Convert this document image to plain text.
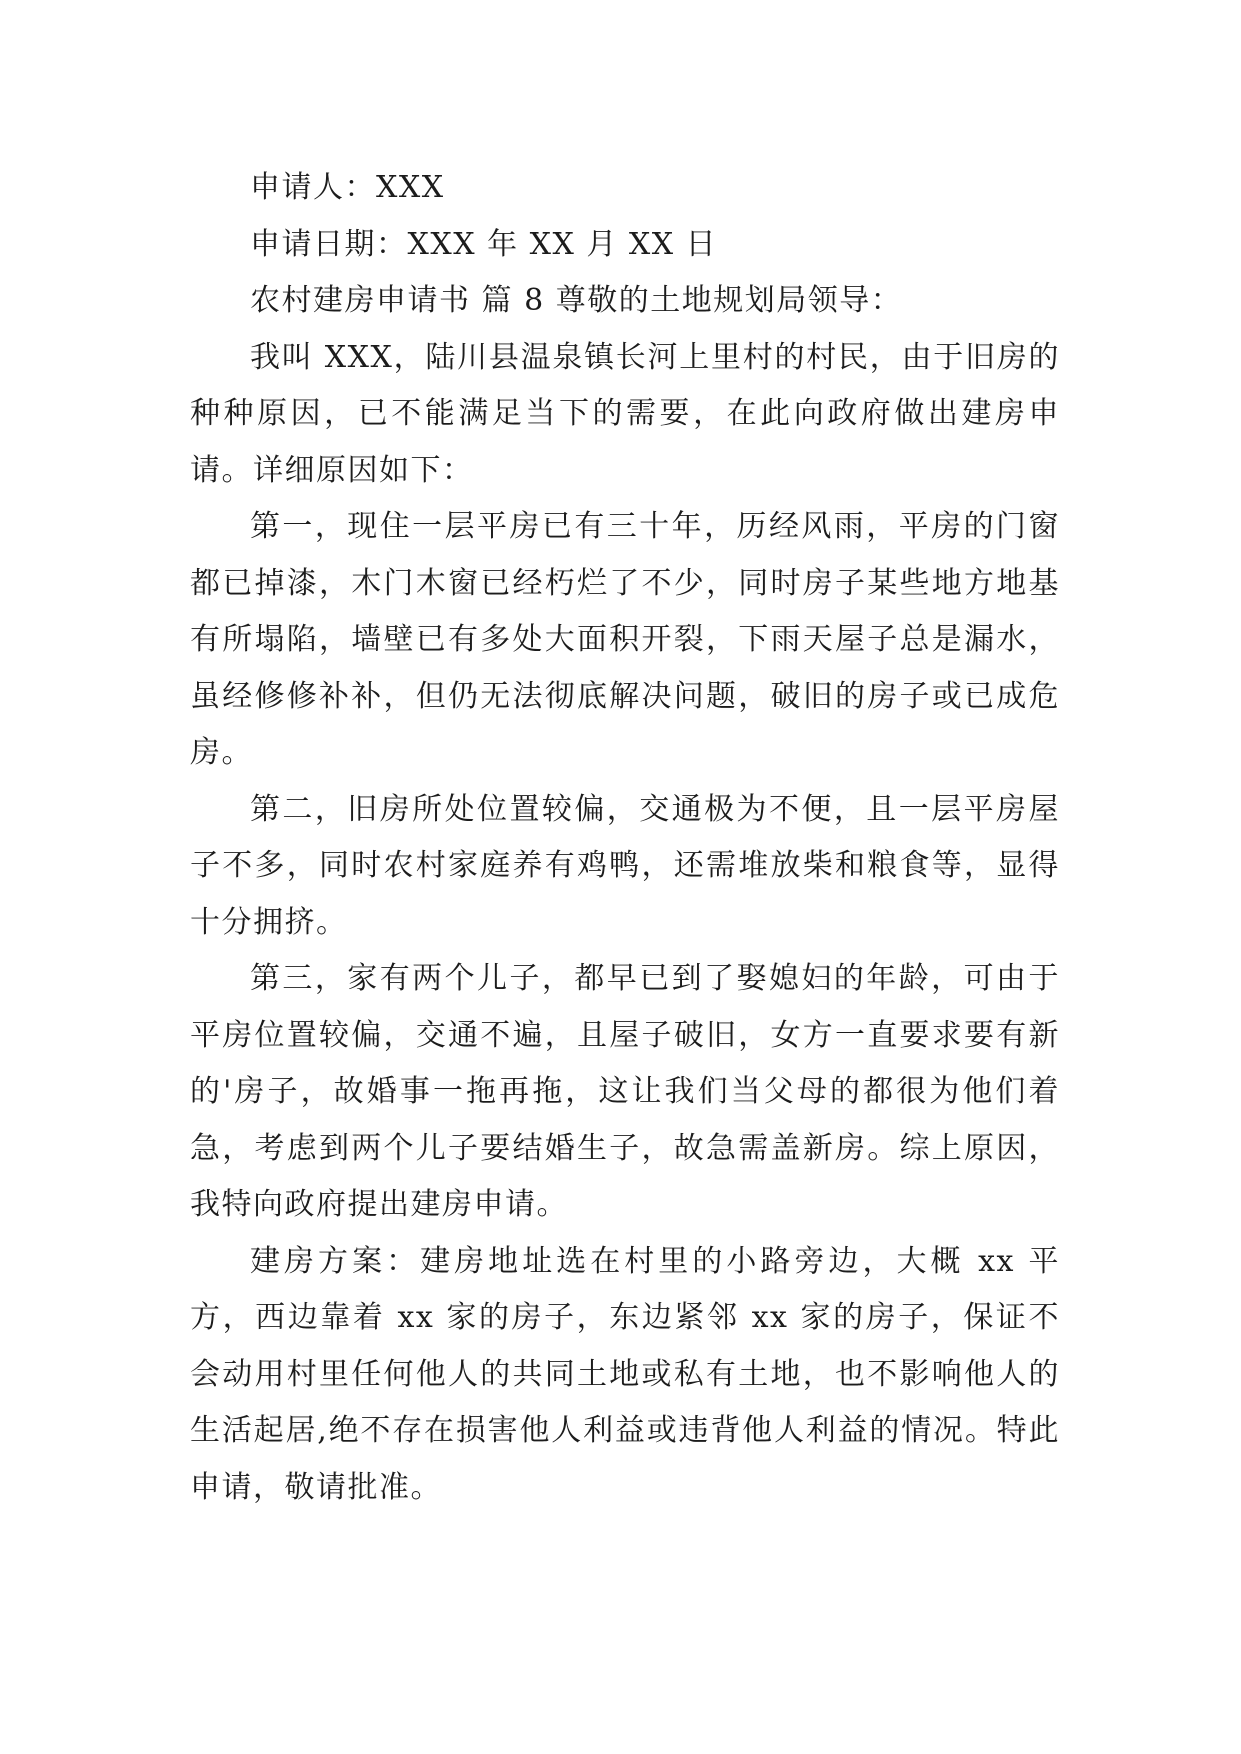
申请人：XXX

申请日期：XXX 年 XX 月 XX 日

农村建房申请书 篇 8 尊敬的土地规划局领导：

我叫 XXX，陆川县温泉镇长河上里村的村民，由于旧房的种种原因，已不能满足当下的需要，在此向政府做出建房申请。详细原因如下：

第一，现住一层平房已有三十年，历经风雨，平房的门窗都已掉漆，木门木窗已经朽烂了不少，同时房子某些地方地基有所塌陷，墙壁已有多处大面积开裂，下雨天屋子总是漏水，虽经修修补补，但仍无法彻底解决问题，破旧的房子或已成危房。

第二，旧房所处位置较偏，交通极为不便，且一层平房屋子不多，同时农村家庭养有鸡鸭，还需堆放柴和粮食等，显得十分拥挤。

第三，家有两个儿子，都早已到了娶媳妇的年龄，可由于平房位置较偏，交通不遍，且屋子破旧，女方一直要求要有新的'房子，故婚事一拖再拖，这让我们当父母的都很为他们着急，考虑到两个儿子要结婚生子，故急需盖新房。综上原因，我特向政府提出建房申请。

建房方案：建房地址选在村里的小路旁边，大概 xx 平方，西边靠着 xx 家的房子，东边紧邻 xx 家的房子，保证不会动用村里任何他人的共同土地或私有土地，也不影响他人的生活起居,绝不存在损害他人利益或违背他人利益的情况。特此申请，敬请批准。
